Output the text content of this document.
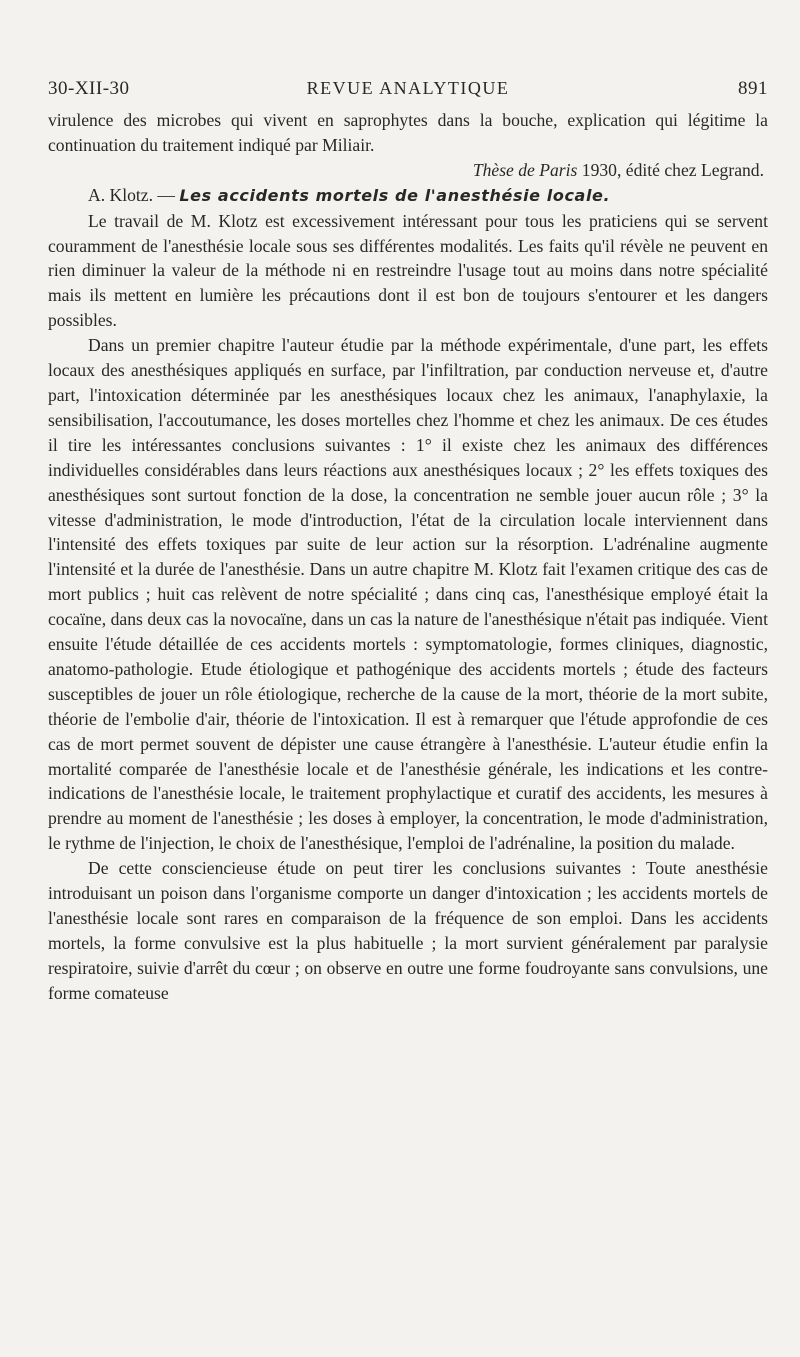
30-XII-30	REVUE ANALYTIQUE	891

virulence des microbes qui vivent en saprophytes dans la bouche, explication qui légitime la continuation du traitement indiqué par Miliair.

Thèse de Paris 1930, édité chez Legrand.

A. Klotz. — Les accidents mortels de l'anesthésie locale.

Le travail de M. Klotz est excessivement intéressant pour tous les praticiens qui se servent couramment de l'anesthésie locale sous ses différentes modalités. Les faits qu'il révèle ne peuvent en rien diminuer la valeur de la méthode ni en restreindre l'usage tout au moins dans notre spécialité mais ils mettent en lumière les précautions dont il est bon de toujours s'entourer et les dangers possibles.

Dans un premier chapitre l'auteur étudie par la méthode expérimentale, d'une part, les effets locaux des anesthésiques appliqués en surface, par l'infiltration, par conduction nerveuse et, d'autre part, l'intoxication déterminée par les anesthésiques locaux chez les animaux, l'anaphylaxie, la sensibilisation, l'accoutumance, les doses mortelles chez l'homme et chez les animaux. De ces études il tire les intéressantes conclusions suivantes : 1° il existe chez les animaux des différences individuelles considérables dans leurs réactions aux anesthésiques locaux ; 2° les effets toxiques des anesthésiques sont surtout fonction de la dose, la concentration ne semble jouer aucun rôle ; 3° la vitesse d'administration, le mode d'introduction, l'état de la circulation locale interviennent dans l'intensité des effets toxiques par suite de leur action sur la résorption. L'adrénaline augmente l'intensité et la durée de l'anesthésie. Dans un autre chapitre M. Klotz fait l'examen critique des cas de mort publics ; huit cas relèvent de notre spécialité ; dans cinq cas, l'anesthésique employé était la cocaïne, dans deux cas la novocaïne, dans un cas la nature de l'anesthésique n'était pas indiquée. Vient ensuite l'étude détaillée de ces accidents mortels : symptomatologie, formes cliniques, diagnostic, anatomo-pathologie. Etude étiologique et pathogénique des accidents mortels ; étude des facteurs susceptibles de jouer un rôle étiologique, recherche de la cause de la mort, théorie de la mort subite, théorie de l'embolie d'air, théorie de l'intoxication. Il est à remarquer que l'étude approfondie de ces cas de mort permet souvent de dépister une cause étrangère à l'anesthésie. L'auteur étudie enfin la mortalité comparée de l'anesthésie locale et de l'anesthésie générale, les indications et les contre-indications de l'anesthésie locale, le traitement prophylactique et curatif des accidents, les mesures à prendre au moment de l'anesthésie ; les doses à employer, la concentration, le mode d'administration, le rythme de l'injection, le choix de l'anesthésique, l'emploi de l'adrénaline, la position du malade.

De cette consciencieuse étude on peut tirer les conclusions suivantes : Toute anesthésie introduisant un poison dans l'organisme comporte un danger d'intoxication ; les accidents mortels de l'anesthésie locale sont rares en comparaison de la fréquence de son emploi. Dans les accidents mortels, la forme convulsive est la plus habituelle ; la mort survient généralement par paralysie respiratoire, suivie d'arrêt du cœur ; on observe en outre une forme foudroyante sans convulsions, une forme comateuse
